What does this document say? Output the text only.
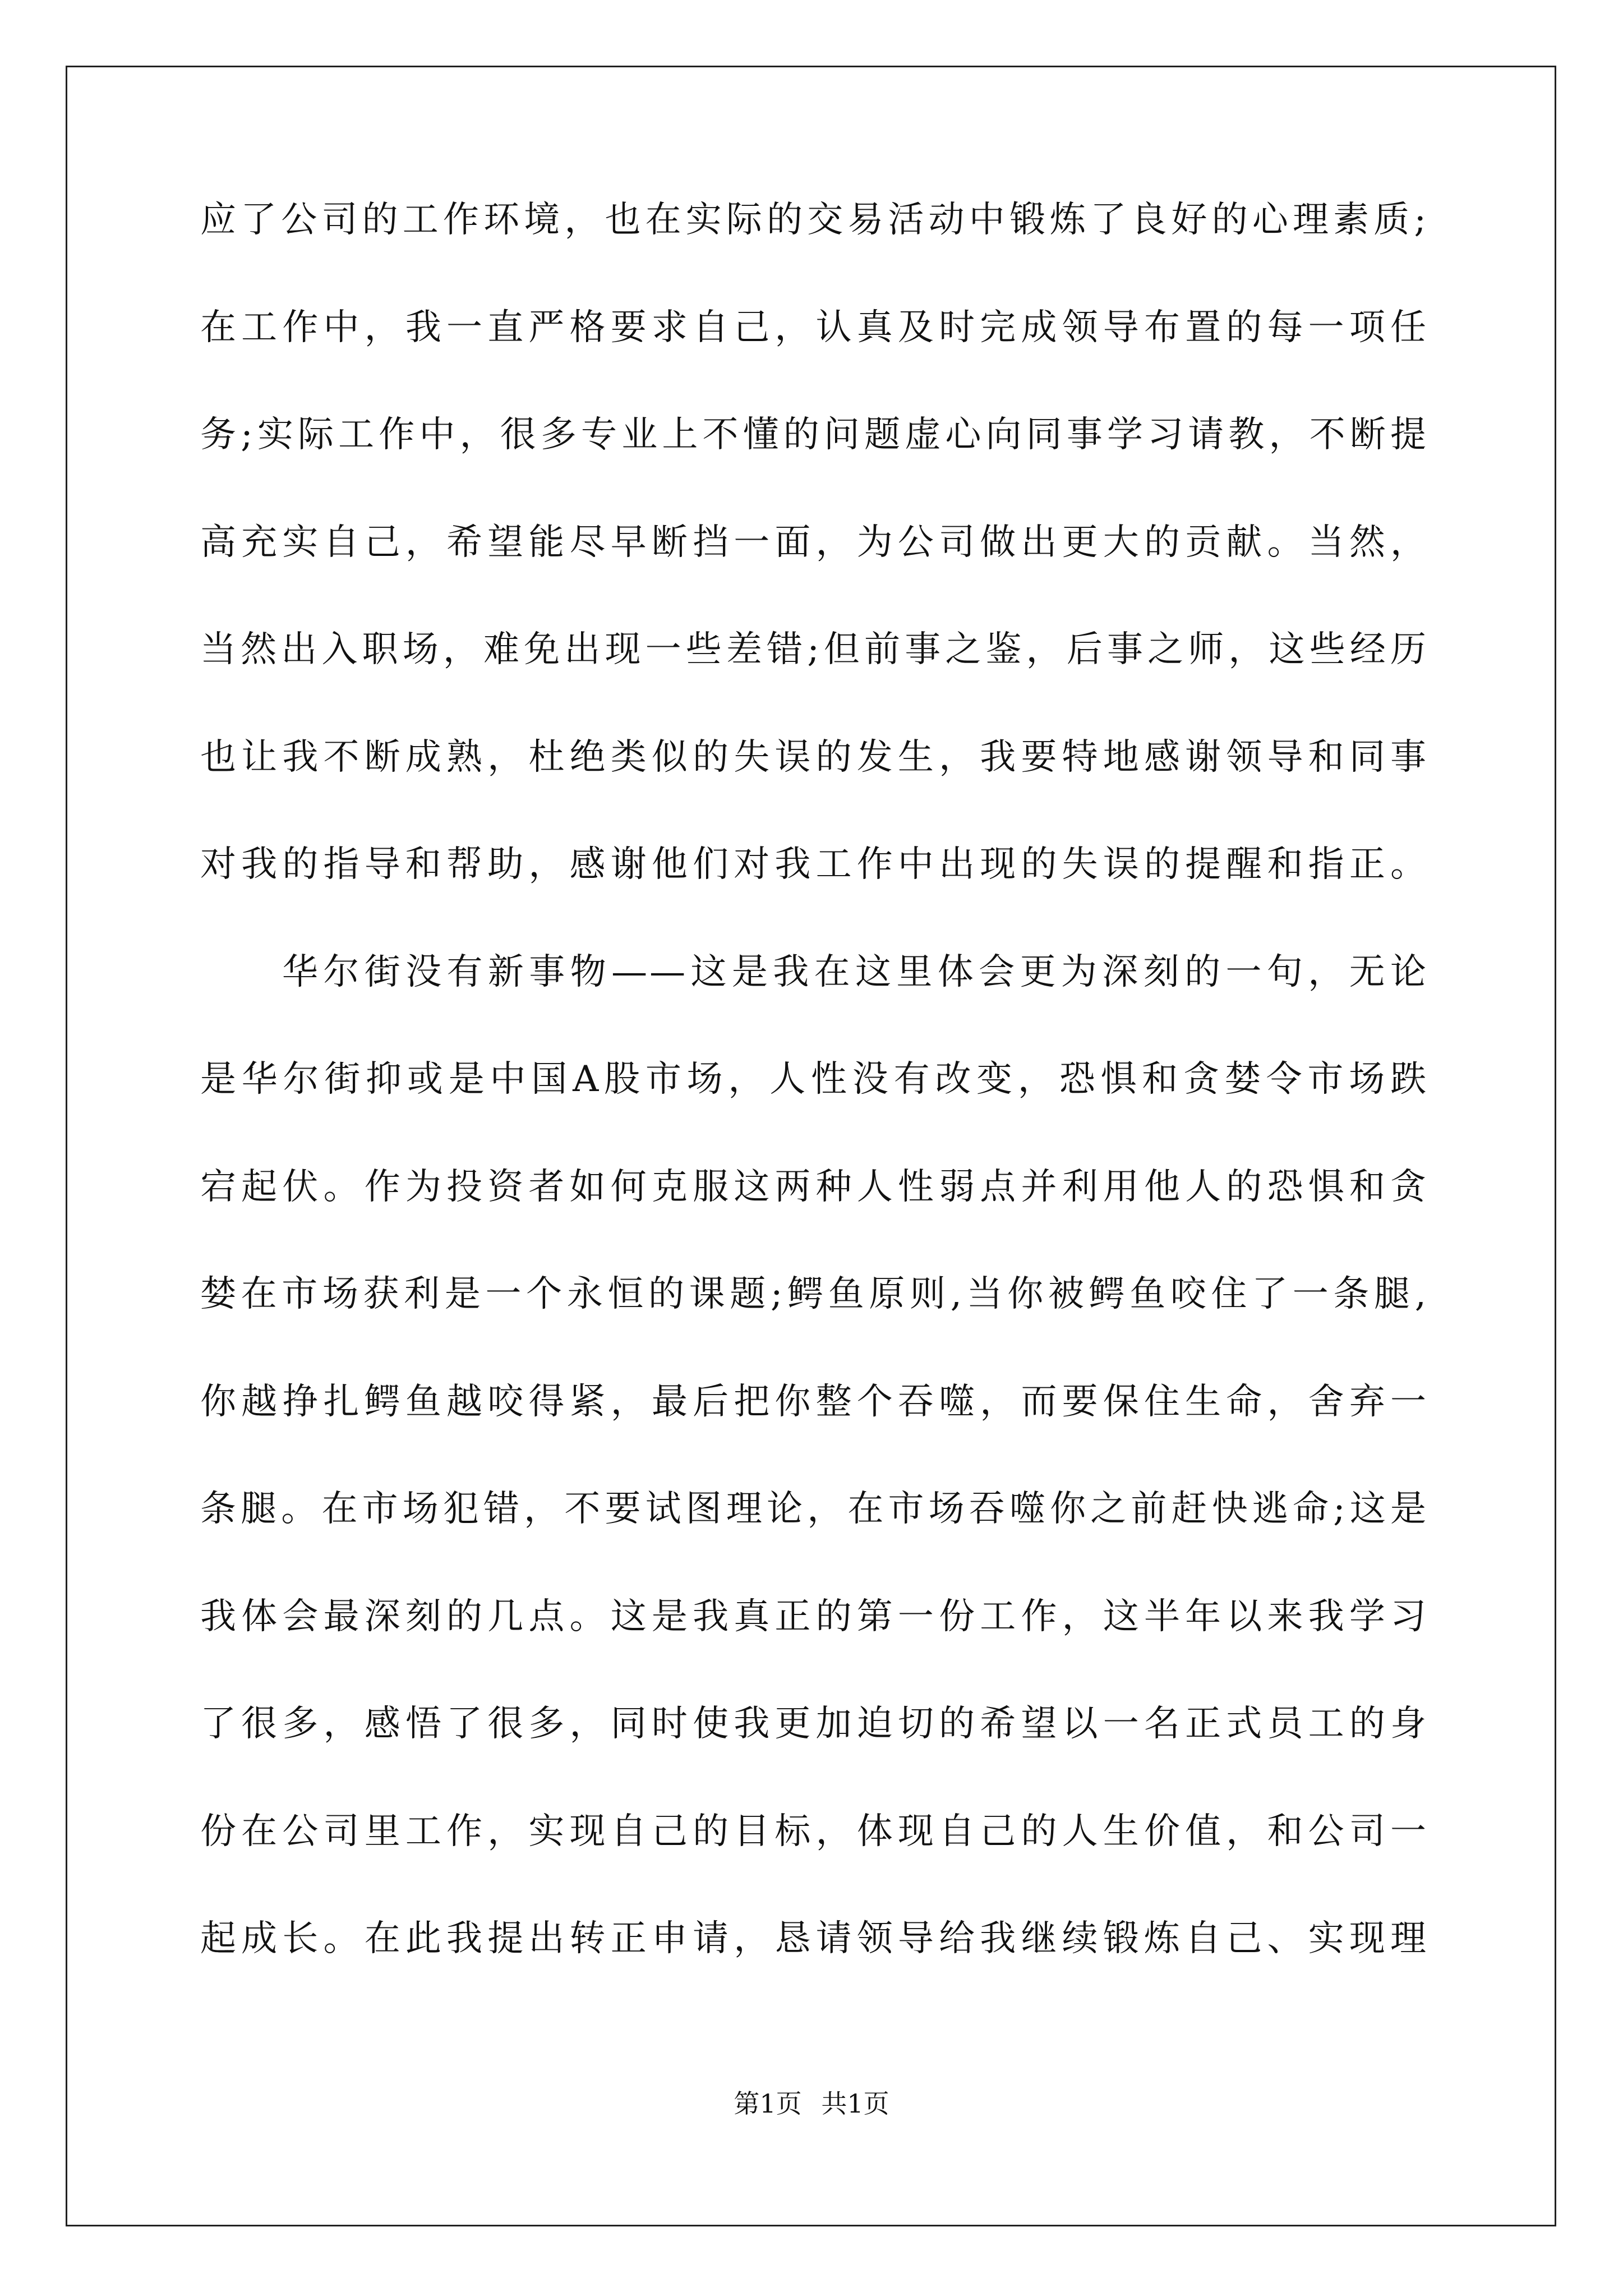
应了公司的工作环境，也在实际的交易活动中锻炼了良好的心理素质;
在工作中，我一直严格要求自己，认真及时完成领导布置的每一项任
务;实际工作中，很多专业上不懂的问题虚心向同事学习请教，不断提
高充实自己，希望能尽早断挡一面，为公司做出更大的贡献。当然，
当然出入职场，难免出现一些差错;但前事之鉴，后事之师，这些经历
也让我不断成熟，杜绝类似的失误的发生，我要特地感谢领导和同事
对我的指导和帮助，感谢他们对我工作中出现的失误的提醒和指正。
华尔街没有新事物——这是我在这里体会更为深刻的一句，无论
是华尔街抑或是中国A股市场，人性没有改变，恐惧和贪婪令市场跌
宕起伏。作为投资者如何克服这两种人性弱点并利用他人的恐惧和贪
婪在市场获利是一个永恒的课题;鳄鱼原则,当你被鳄鱼咬住了一条腿,
你越挣扎鳄鱼越咬得紧，最后把你整个吞噬，而要保住生命，舍弃一
条腿。在市场犯错，不要试图理论，在市场吞噬你之前赶快逃命;这是
我体会最深刻的几点。这是我真正的第一份工作，这半年以来我学习
了很多，感悟了很多，同时使我更加迫切的希望以一名正式员工的身
份在公司里工作，实现自己的目标，体现自己的人生价值，和公司一
起成长。在此我提出转正申请，恳请领导给我继续锻炼自己、实现理
第1页 共1页
